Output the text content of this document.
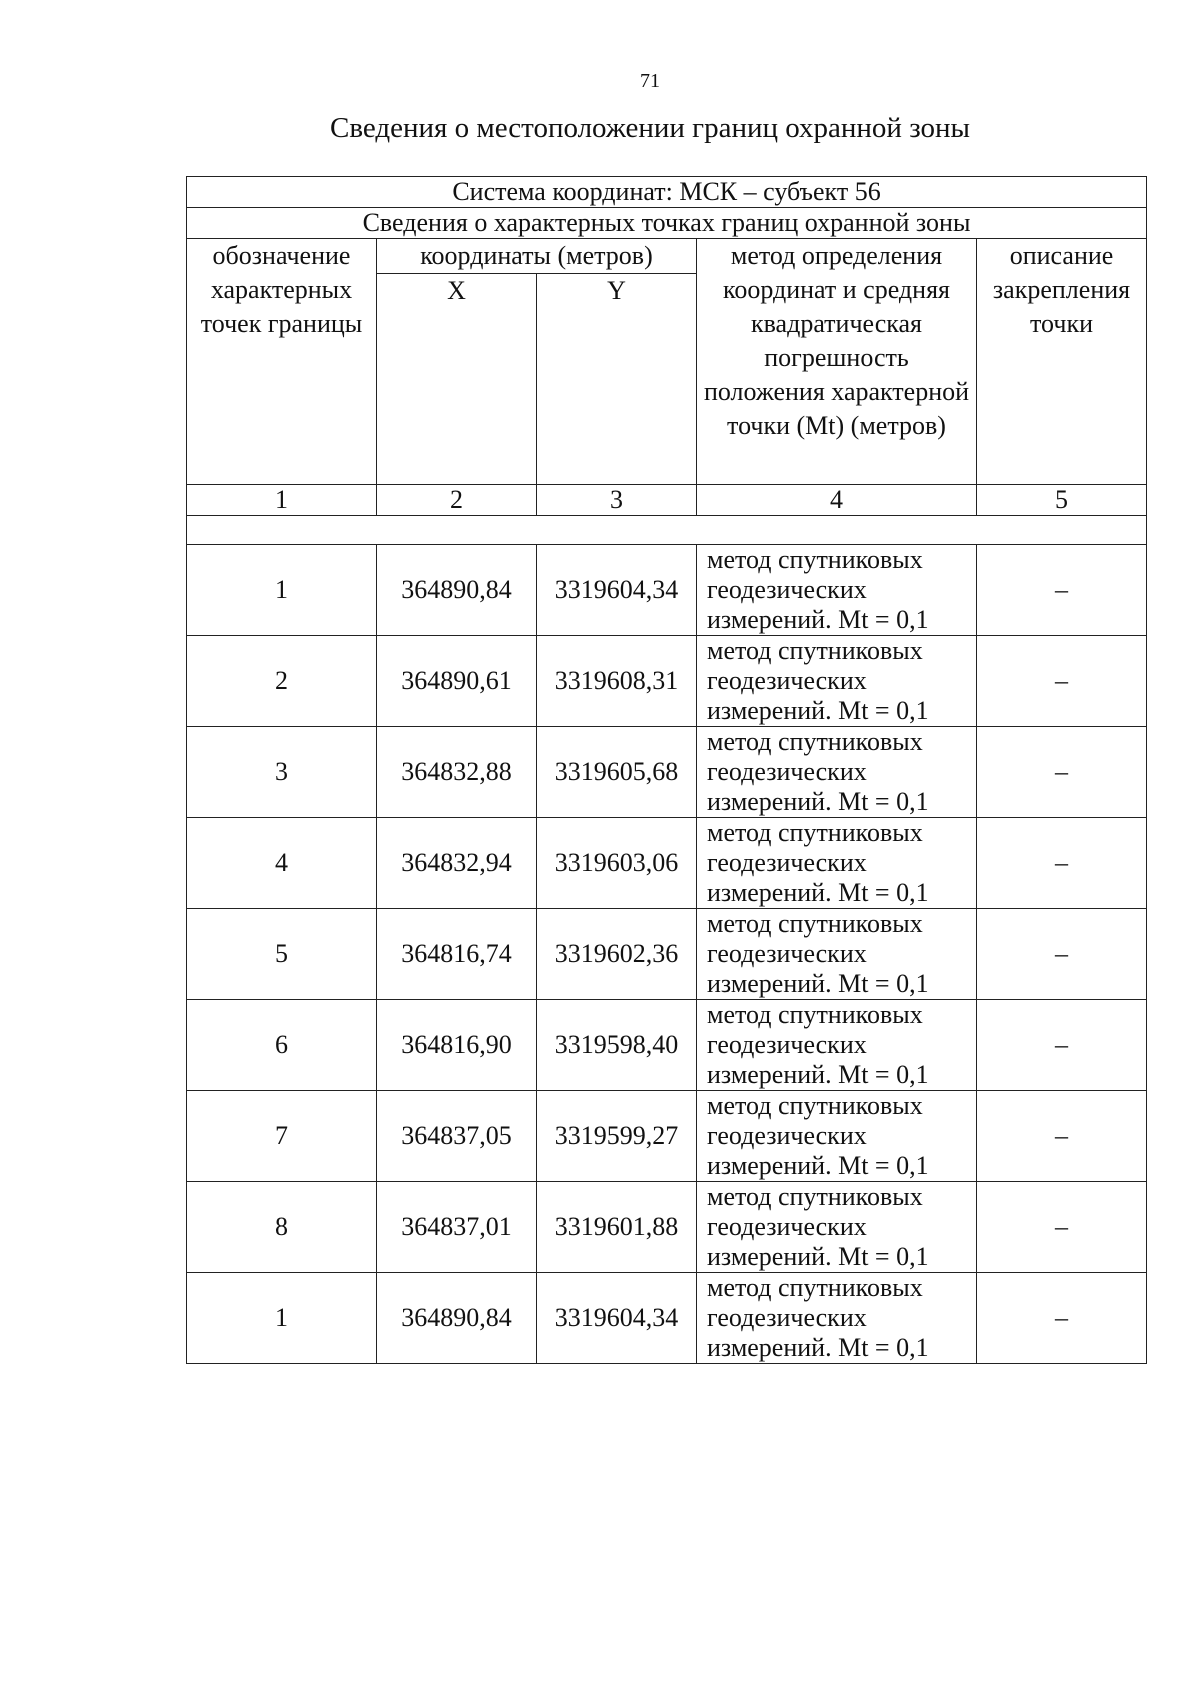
71
Сведения о местоположении границ охранной зоны
Система координат: МСК – субъект 56				
Сведения о характерных точках границ охранной зоны				
обозначение характерных точек границы	координаты (метров)		метод определения координат и средняя квадратическая погрешность положения характерной точки (Mt) (метров)	описание закрепления точки
	X	Y		
1	2	3	4	5

1	364890,84	3319604,34	метод спутниковых геодезических измерений. Mt = 0,1	–
2	364890,61	3319608,31	метод спутниковых геодезических измерений. Mt = 0,1	–
3	364832,88	3319605,68	метод спутниковых геодезических измерений. Mt = 0,1	–
4	364832,94	3319603,06	метод спутниковых геодезических измерений. Mt = 0,1	–
5	364816,74	3319602,36	метод спутниковых геодезических измерений. Mt = 0,1	–
6	364816,90	3319598,40	метод спутниковых геодезических измерений. Mt = 0,1	–
7	364837,05	3319599,27	метод спутниковых геодезических измерений. Mt = 0,1	–
8	364837,01	3319601,88	метод спутниковых геодезических измерений. Mt = 0,1	–
1	364890,84	3319604,34	метод спутниковых геодезических измерений. Mt = 0,1	–
